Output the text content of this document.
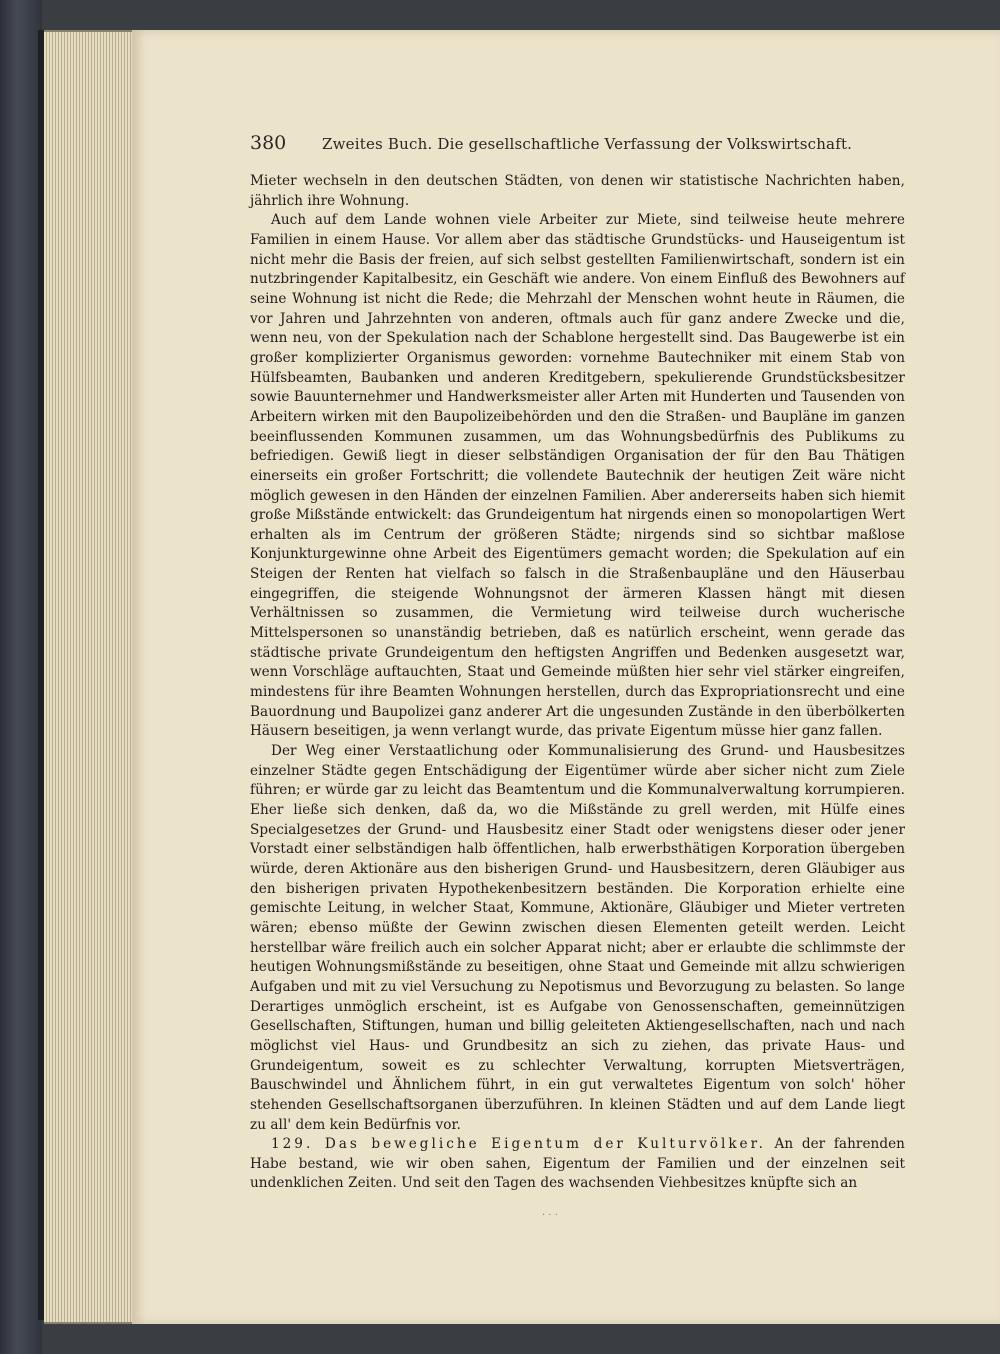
380 Zweites Buch. Die gesellschaftliche Verfassung der Volkswirtschaft.

Mieter wechseln in den deutschen Städten, von denen wir statistische Nachrichten haben, jährlich ihre Wohnung.

Auch auf dem Lande wohnen viele Arbeiter zur Miete, sind teilweise heute mehrere Familien in einem Hause. Vor allem aber das städtische Grundstücks- und Hauseigentum ist nicht mehr die Basis der freien, auf sich selbst gestellten Familienwirtschaft, sondern ist ein nutzbringender Kapitalbesitz, ein Geschäft wie andere. Von einem Einfluß des Bewohners auf seine Wohnung ist nicht die Rede; die Mehrzahl der Menschen wohnt heute in Räumen, die vor Jahren und Jahrzehnten von anderen, oftmals auch für ganz andere Zwecke und die, wenn neu, von der Spekulation nach der Schablone hergestellt sind. Das Baugewerbe ist ein großer komplizierter Organismus geworden: vornehme Bautechniker mit einem Stab von Hülfsbeamten, Baubanken und anderen Kreditgebern, spekulierende Grundstücksbesitzer sowie Bauunternehmer und Handwerksmeister aller Arten mit Hunderten und Tausenden von Arbeitern wirken mit den Baupolizeibehörden und den die Straßen- und Baupläne im ganzen beeinflussenden Kommunen zusammen, um das Wohnungsbedürfnis des Publikums zu befriedigen. Gewiß liegt in dieser selbständigen Organisation der für den Bau Thätigen einerseits ein großer Fortschritt; die vollendete Bautechnik der heutigen Zeit wäre nicht möglich gewesen in den Händen der einzelnen Familien. Aber andererseits haben sich hiemit große Mißstände entwickelt: das Grundeigentum hat nirgends einen so monopolartigen Wert erhalten als im Centrum der größeren Städte; nirgends sind so sichtbar maßlose Konjunkturgewinne ohne Arbeit des Eigentümers gemacht worden; die Spekulation auf ein Steigen der Renten hat vielfach so falsch in die Straßenbaupläne und den Häuserbau eingegriffen, die steigende Wohnungsnot der ärmeren Klassen hängt mit diesen Verhältnissen so zusammen, die Vermietung wird teilweise durch wucherische Mittelspersonen so unanständig betrieben, daß es natürlich erscheint, wenn gerade das städtische private Grundeigentum den heftigsten Angriffen und Bedenken ausgesetzt war, wenn Vorschläge auftauchten, Staat und Gemeinde müßten hier sehr viel stärker eingreifen, mindestens für ihre Beamten Wohnungen herstellen, durch das Expropriationsrecht und eine Bauordnung und Baupolizei ganz anderer Art die ungesunden Zustände in den überbölkerten Häusern beseitigen, ja wenn verlangt wurde, das private Eigentum müsse hier ganz fallen.

Der Weg einer Verstaatlichung oder Kommunalisierung des Grund- und Hausbesitzes einzelner Städte gegen Entschädigung der Eigentümer würde aber sicher nicht zum Ziele führen; er würde gar zu leicht das Beamtentum und die Kommunalverwaltung korrumpieren. Eher ließe sich denken, daß da, wo die Mißstände zu grell werden, mit Hülfe eines Specialgesetzes der Grund- und Hausbesitz einer Stadt oder wenigstens dieser oder jener Vorstadt einer selbständigen halb öffentlichen, halb erwerbsthätigen Korporation übergeben würde, deren Aktionäre aus den bisherigen Grund- und Hausbesitzern, deren Gläubiger aus den bisherigen privaten Hypothekenbesitzern beständen. Die Korporation erhielte eine gemischte Leitung, in welcher Staat, Kommune, Aktionäre, Gläubiger und Mieter vertreten wären; ebenso müßte der Gewinn zwischen diesen Elementen geteilt werden. Leicht herstellbar wäre freilich auch ein solcher Apparat nicht; aber er erlaubte die schlimmste der heutigen Wohnungsmißstände zu beseitigen, ohne Staat und Gemeinde mit allzu schwierigen Aufgaben und mit zu viel Versuchung zu Nepotismus und Bevorzugung zu belasten. So lange Derartiges unmöglich erscheint, ist es Aufgabe von Genossenschaften, gemeinnützigen Gesellschaften, Stiftungen, human und billig geleiteten Aktiengesellschaften, nach und nach möglichst viel Haus- und Grundbesitz an sich zu ziehen, das private Haus- und Grundeigentum, soweit es zu schlechter Verwaltung, korrupten Mietsverträgen, Bauschwindel und Ähnlichem führt, in ein gut verwaltetes Eigentum von solch' höher stehenden Gesellschaftsorganen überzuführen. In kleinen Städten und auf dem Lande liegt zu all' dem kein Bedürfnis vor.

129. Das bewegliche Eigentum der Kulturvölker. An der fahrenden Habe bestand, wie wir oben sahen, Eigentum der Familien und der einzelnen seit undenklichen Zeiten. Und seit den Tagen des wachsenden Viehbesitzes knüpfte sich an

· · ·
